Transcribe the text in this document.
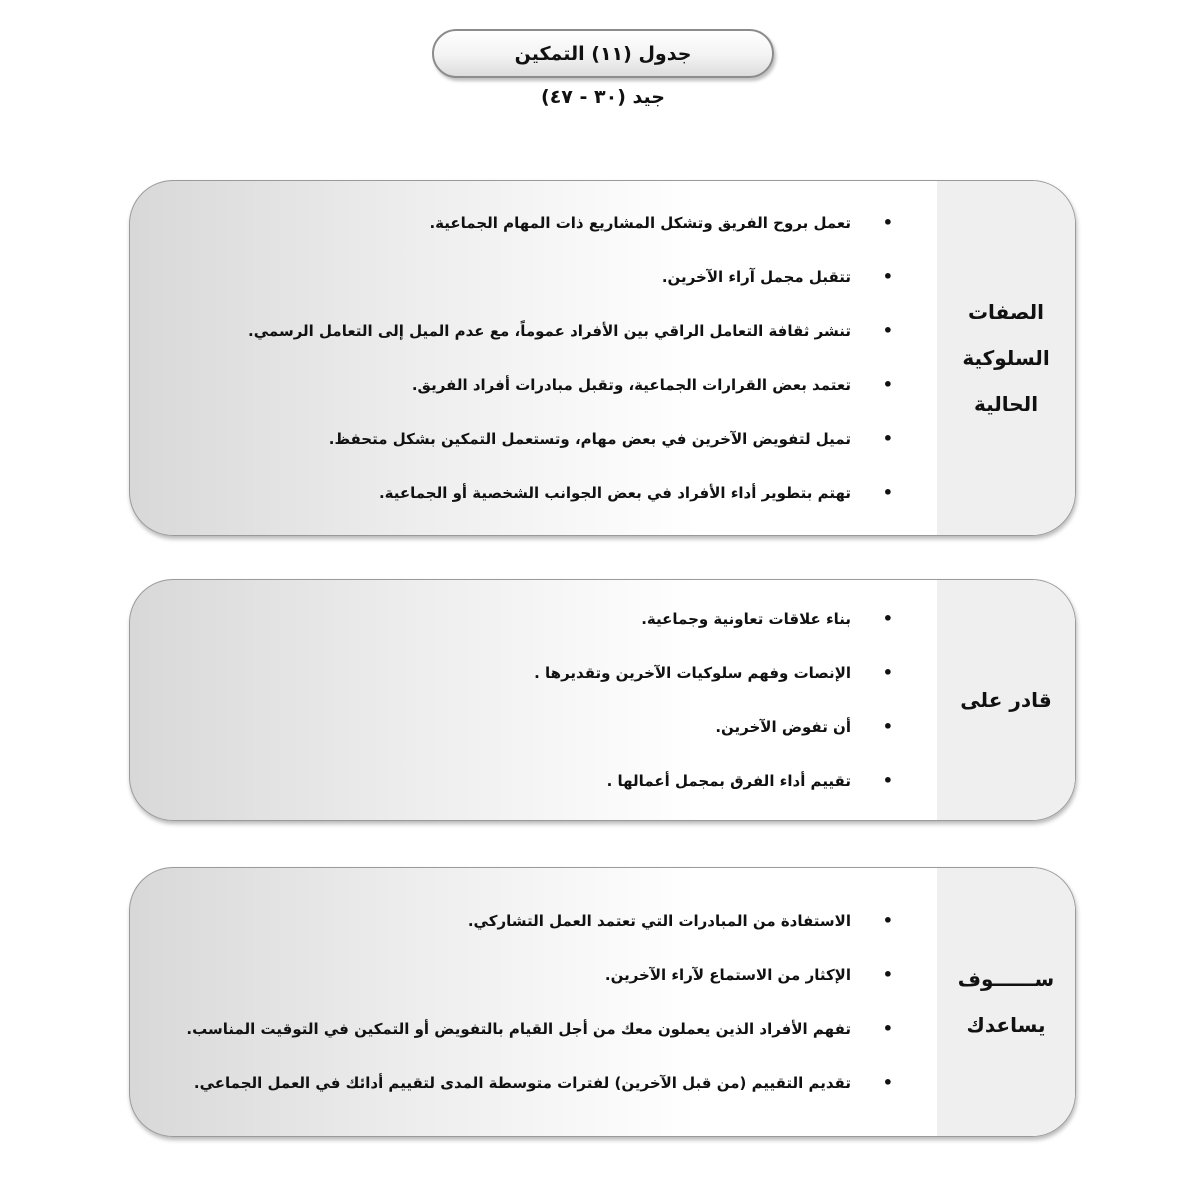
جدول (١١) التمكين
جيد (٣٠ - ٤٧)
الصفات
السلوكية
الحالية
• تعمل بروح الفريق وتشكل المشاريع ذات المهام الجماعية.
• تتقبل مجمل آراء الآخرين.
• تنشر ثقافة التعامل الراقي بين الأفراد عموماً، مع عدم الميل إلى التعامل الرسمي.
• تعتمد بعض القرارات الجماعية، وتقبل مبادرات أفراد الفريق.
• تميل لتفويض الآخرين في بعض مهام، وتستعمل التمكين بشكل متحفظ.
• تهتم بتطوير أداء الأفراد في بعض الجوانب الشخصية أو الجماعية.
قادر على
• بناء علاقات تعاونية وجماعية.
• الإنصات وفهم سلوكيات الآخرين وتقديرها .
• أن تفوض الآخرين.
• تقييم أداء الفرق بمجمل أعمالها .
ســــــوف
يساعدك
• الاستفادة من المبادرات التي تعتمد العمل التشاركي.
• الإكثار من الاستماع لآراء الآخرين.
• تفهم الأفراد الذين يعملون معك من أجل القيام بالتفويض أو التمكين في التوقيت المناسب.
• تقديم التقييم (من قبل الآخرين) لفترات متوسطة المدى لتقييم أدائك في العمل الجماعي.
